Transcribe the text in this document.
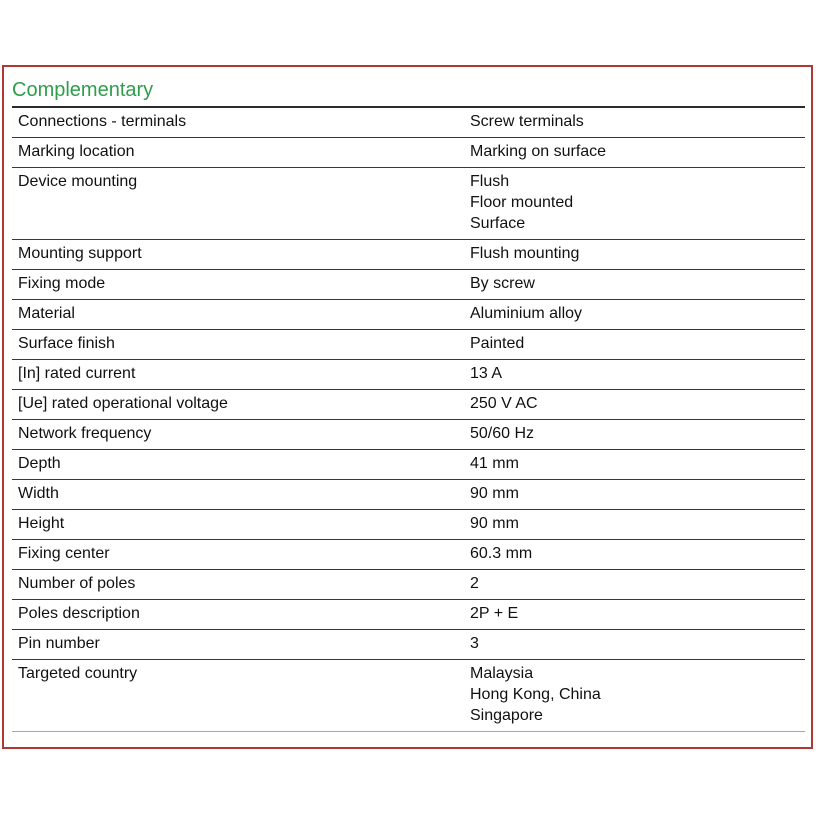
Complementary
Connections - terminals	Screw terminals
Marking location	Marking on surface
Device mounting	Flush
Floor mounted
Surface
Mounting support	Flush mounting
Fixing mode	By screw
Material	Aluminium alloy
Surface finish	Painted
[In] rated current	13 A
[Ue] rated operational voltage	250 V AC
Network frequency	50/60 Hz
Depth	41 mm
Width	90 mm
Height	90 mm
Fixing center	60.3 mm
Number of poles	2
Poles description	2P + E
Pin number	3
Targeted country	Malaysia
Hong Kong, China
Singapore
